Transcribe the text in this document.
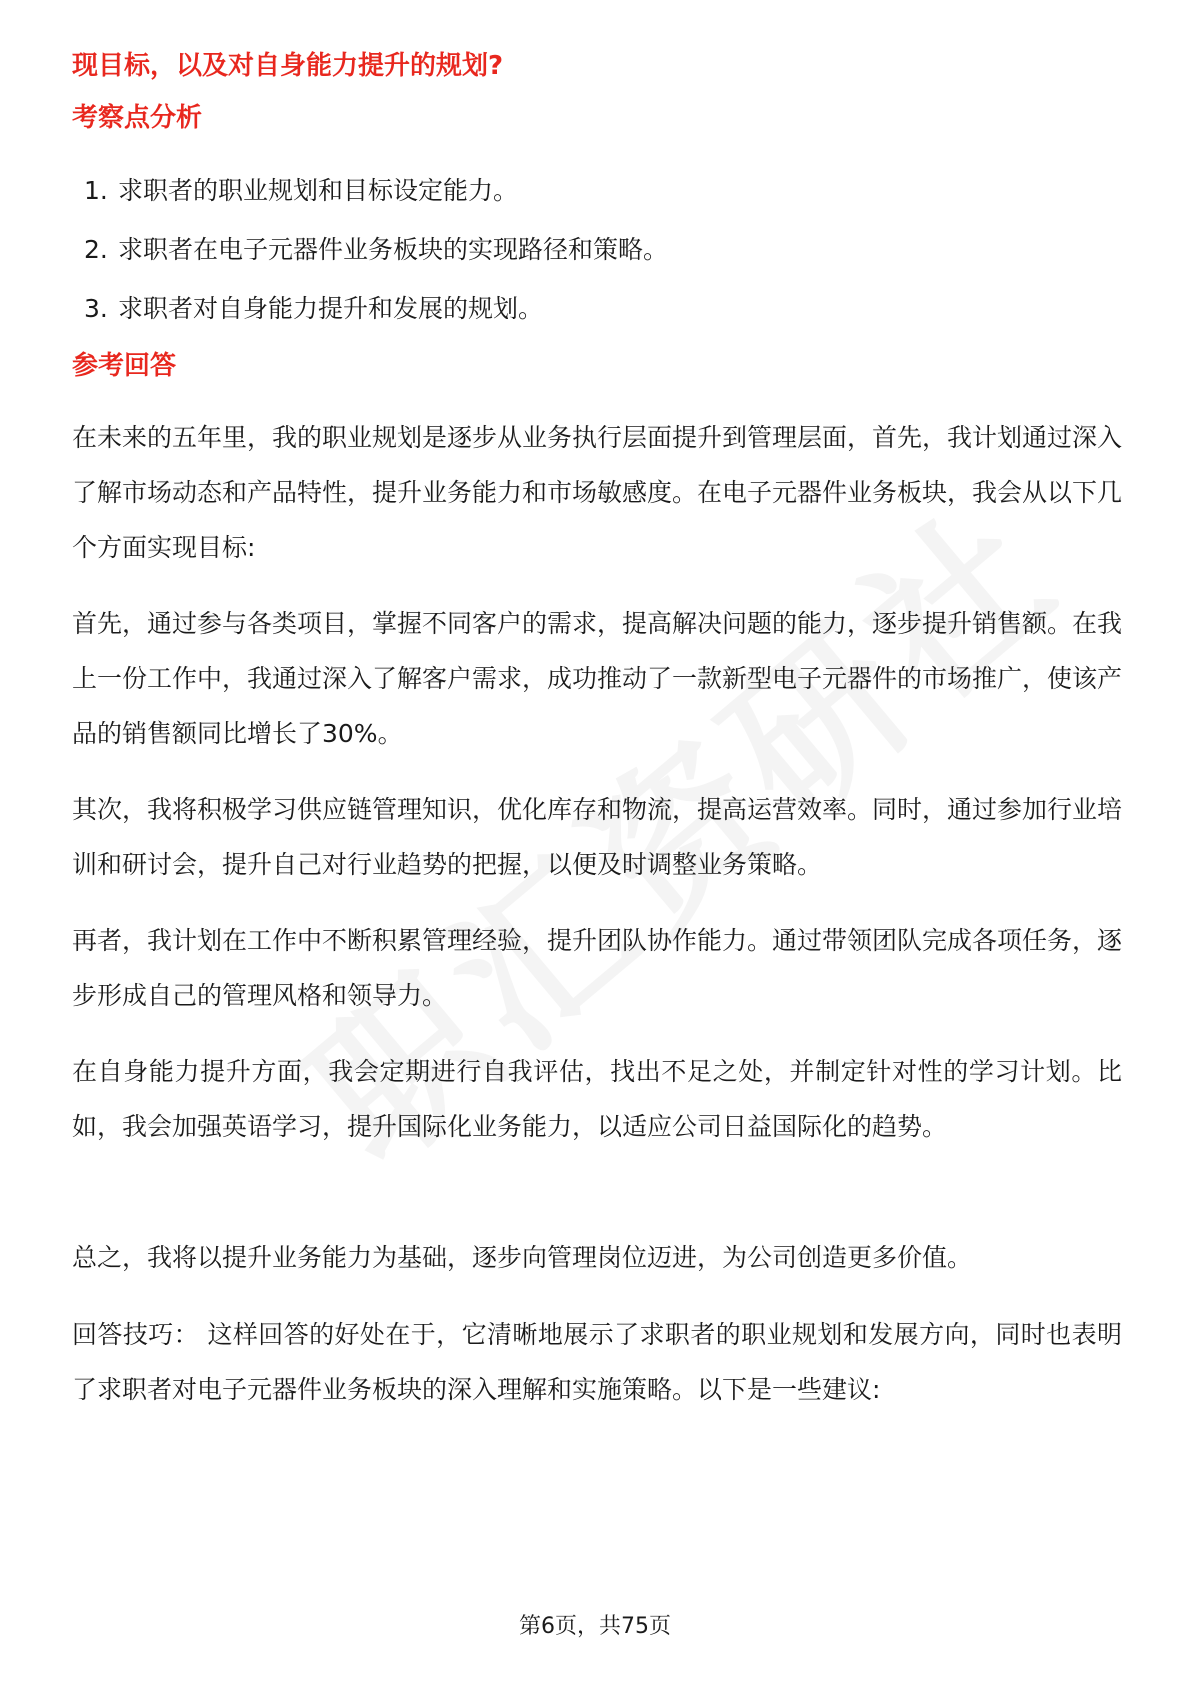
现目标，以及对自身能力提升的规划?
考察点分析
1. 求职者的职业规划和目标设定能力。
2. 求职者在电子元器件业务板块的实现路径和策略。
3. 求职者对自身能力提升和发展的规划。
参考回答

在未来的五年里，我的职业规划是逐步从业务执行层面提升到管理层面，首先，我计划通过深入了解市场动态和产品特性，提升业务能力和市场敏感度。在电子元器件业务板块，我会从以下几个方面实现目标:

首先，通过参与各类项目，掌握不同客户的需求，提高解决问题的能力，逐步提升销售额。在我上一份工作中，我通过深入了解客户需求，成功推动了一款新型电子元器件的市场推广，使该产品的销售额同比增长了30%。

其次，我将积极学习供应链管理知识，优化库存和物流，提高运营效率。同时，通过参加行业培训和研讨会，提升自己对行业趋势的把握，以便及时调整业务策略。

再者，我计划在工作中不断积累管理经验，提升团队协作能力。通过带领团队完成各项任务，逐步形成自己的管理风格和领导力。

在自身能力提升方面，我会定期进行自我评估，找出不足之处，并制定针对性的学习计划。比如，我会加强英语学习，提升国际化业务能力，以适应公司日益国际化的趋势。

总之，我将以提升业务能力为基础，逐步向管理岗位迈进，为公司创造更多价值。

回答技巧： 这样回答的好处在于，它清晰地展示了求职者的职业规划和发展方向，同时也表明了求职者对电子元器件业务板块的深入理解和实施策略。以下是一些建议:

第6页，共75页
